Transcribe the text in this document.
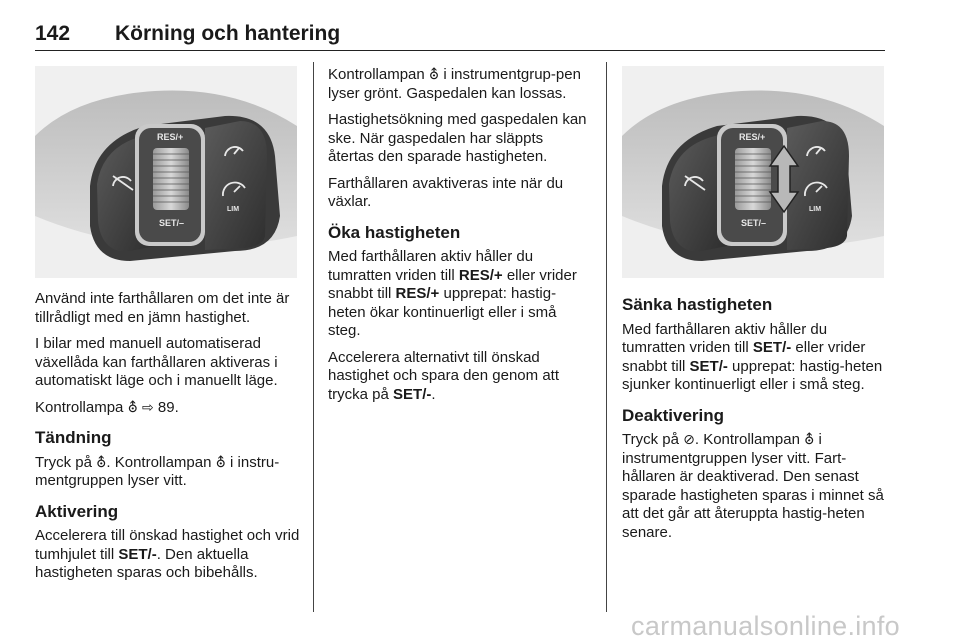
142 Körning och hantering
RES/+
SET/–
LIM
RES/+
SET/–
LIM

Använd inte farthållaren om det inte är tillrådligt med en jämn hastighet.

I bilar med manuell automatiserad växellåda kan farthållaren aktiveras i automatiskt läge och i manuellt läge.

Kontrollampa ⛢ ⇨ 89.

Tändning

Tryck på ⛢. Kontrollampan ⛢ i instru-mentgruppen lyser vitt.

Aktivering

Accelerera till önskad hastighet och vrid tumhjulet till SET/-. Den aktuella hastigheten sparas och bibehålls.

Kontrollampan ⛢ i instrumentgrup-pen lyser grönt. Gaspedalen kan lossas.

Hastighetsökning med gaspedalen kan ske. När gaspedalen har släppts återtas den sparade hastigheten.

Farthållaren avaktiveras inte när du växlar.

Öka hastigheten

Med farthållaren aktiv håller du tumratten vriden till RES/+ eller vrider snabbt till RES/+ upprepat: hastig-heten ökar kontinuerligt eller i små steg.

Accelerera alternativt till önskad hastighet och spara den genom att trycka på SET/-.

Sänka hastigheten

Med farthållaren aktiv håller du tumratten vriden till SET/- eller vrider snabbt till SET/- upprepat: hastig-heten sjunker kontinuerligt eller i små steg.

Deaktivering

Tryck på ⊘. Kontrollampan ⛢ i instrumentgruppen lyser vitt. Fart-hållaren är deaktiverad. Den senast sparade hastigheten sparas i minnet så att det går att återuppta hastig-heten senare.

carmanualsonline.info
